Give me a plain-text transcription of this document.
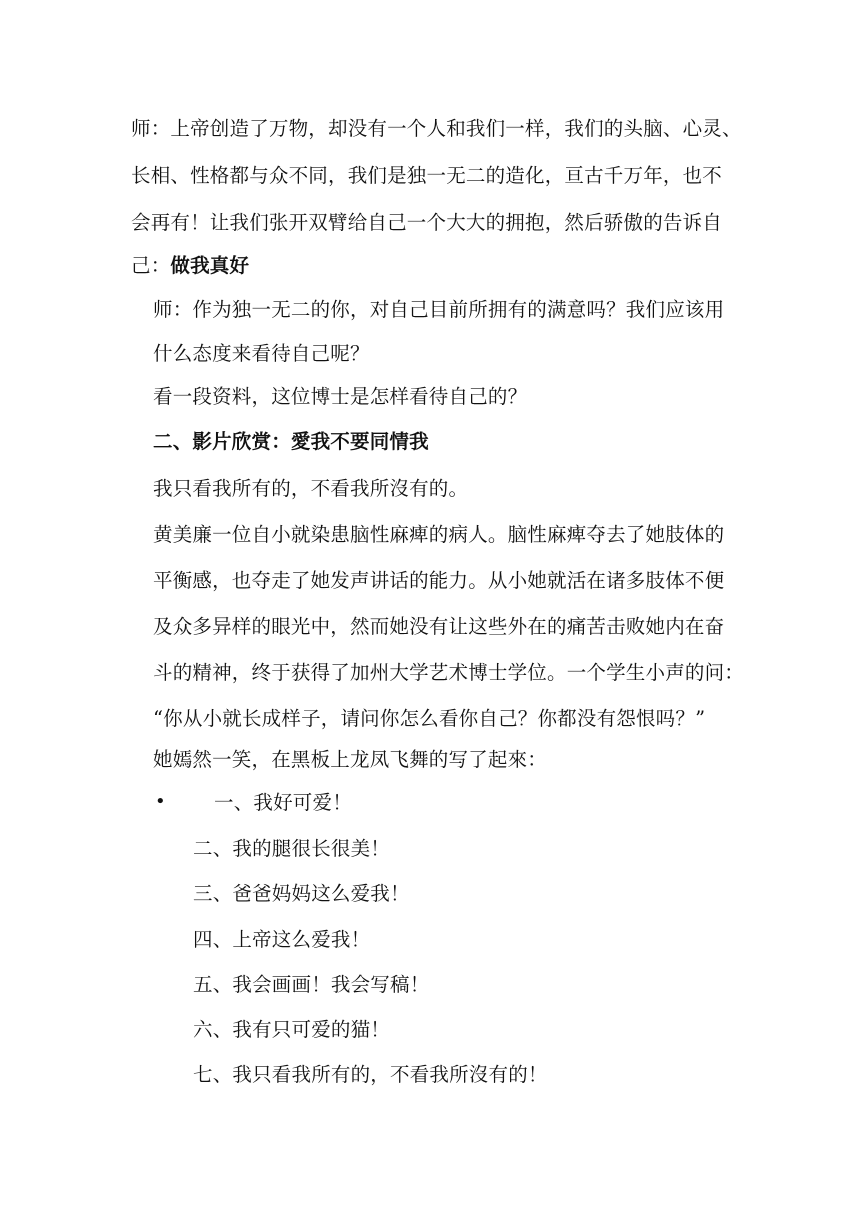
师：上帝创造了万物，却没有一个人和我们一样，我们的头脑、心灵、
长相、性格都与众不同，我们是独一无二的造化，亘古千万年，也不
会再有！让我们张开双臂给自己一个大大的拥抱，然后骄傲的告诉自
己：做我真好
师：作为独一无二的你，对自己目前所拥有的满意吗？我们应该用
什么态度来看待自己呢？
看一段资料，这位博士是怎样看待自己的？
二、影片欣赏：愛我不要同情我
我只看我所有的，不看我所沒有的。
黄美廉一位自小就染患脑性麻痺的病人。脑性麻痺夺去了她肢体的
平衡感，也夺走了她发声讲话的能力。从小她就活在诸多肢体不便
及众多异样的眼光中，然而她没有让这些外在的痛苦击败她内在奋
斗的精神，终于获得了加州大学艺术博士学位。一个学生小声的问：
“你从小就长成样子，请问你怎么看你自己？你都没有怨恨吗？”
她嫣然一笑，在黑板上龙凤飞舞的写了起來：
• 一、我好可爱！
二、我的腿很长很美！
三、爸爸妈妈这么爱我！
四、上帝这么爱我！
五、我会画画！我会写稿！
六、我有只可爱的猫！
七、我只看我所有的，不看我所沒有的！
